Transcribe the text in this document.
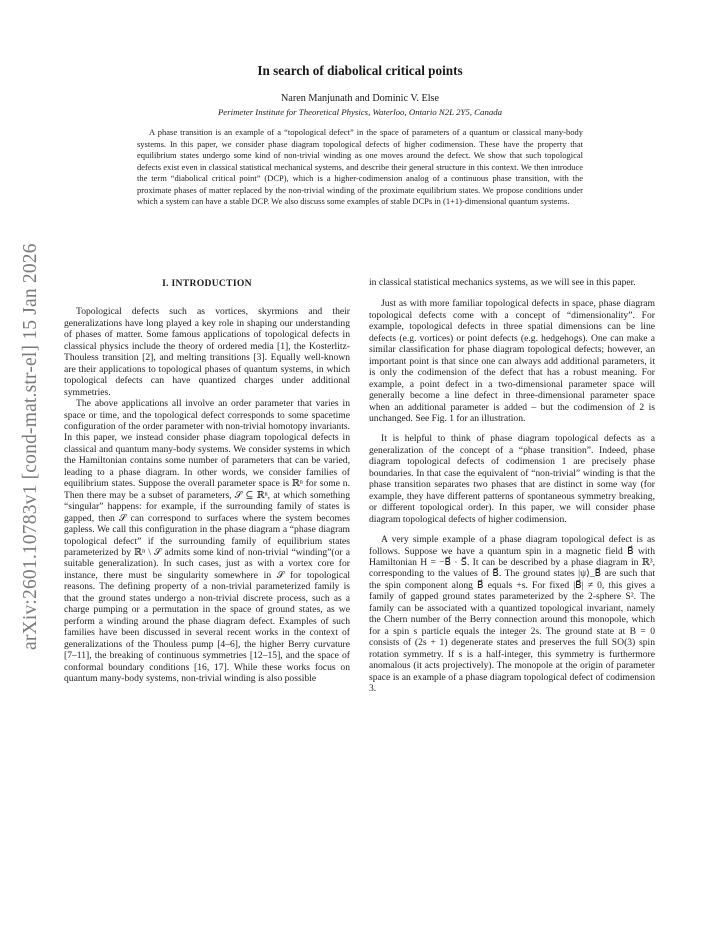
arXiv:2601.10783v1 [cond-mat.str-el] 15 Jan 2026
In search of diabolical critical points
Naren Manjunath and Dominic V. Else
Perimeter Institute for Theoretical Physics, Waterloo, Ontario N2L 2Y5, Canada

A phase transition is an example of a “topological defect” in the space of parameters of a quantum or classical many-body systems. In this paper, we consider phase diagram topological defects of higher codimension. These have the property that equilibrium states undergo some kind of non-trivial winding as one moves around the defect. We show that such topological defects exist even in classical statistical mechanical systems, and describe their general structure in this context. We then introduce the term “diabolical critical point” (DCP), which is a higher-codimension analog of a continuous phase transition, with the proximate phases of matter replaced by the non-trivial winding of the proximate equilibrium states. We propose conditions under which a system can have a stable DCP. We also discuss some examples of stable DCPs in (1+1)-dimensional quantum systems.

I. INTRODUCTION

Topological defects such as vortices, skyrmions and their generalizations have long played a key role in shaping our understanding of phases of matter. Some famous applications of topological defects in classical physics include the theory of ordered media [1], the Kosterlitz-Thouless transition [2], and melting transitions [3]. Equally well-known are their applications to topological phases of quantum systems, in which topological defects can have quantized charges under additional symmetries.

The above applications all involve an order parameter that varies in space or time, and the topological defect corresponds to some spacetime configuration of the order parameter with non-trivial homotopy invariants. In this paper, we instead consider phase diagram topological defects in classical and quantum many-body systems. We consider systems in which the Hamiltonian contains some number of parameters that can be varied, leading to a phase diagram. In other words, we consider families of equilibrium states. Suppose the overall parameter space is ℝⁿ for some n. Then there may be a subset of parameters, 𝒮 ⊆ ℝⁿ, at which something “singular” happens: for example, if the surrounding family of states is gapped, then 𝒮 can correspond to surfaces where the system becomes gapless. We call this configuration in the phase diagram a “phase diagram topological defect” if the surrounding family of equilibrium states parameterized by ℝⁿ \ 𝒮 admits some kind of non-trivial “winding”(or a suitable generalization). In such cases, just as with a vortex core for instance, there must be singularity somewhere in 𝒮 for topological reasons. The defining property of a non-trivial parameterized family is that the ground states undergo a non-trivial discrete process, such as a charge pumping or a permutation in the space of ground states, as we perform a winding around the phase diagram defect. Examples of such families have been discussed in several recent works in the context of generalizations of the Thouless pump [4–6], the higher Berry curvature [7–11], the breaking of continuous symmetries [12–15], and the space of conformal boundary conditions [16, 17]. While these works focus on quantum many-body systems, non-trivial winding is also possible

in classical statistical mechanics systems, as we will see in this paper.

Just as with more familiar topological defects in space, phase diagram topological defects come with a concept of “dimensionality”. For example, topological defects in three spatial dimensions can be line defects (e.g. vortices) or point defects (e.g. hedgehogs). One can make a similar classification for phase diagram topological defects; however, an important point is that since one can always add additional parameters, it is only the codimension of the defect that has a robust meaning. For example, a point defect in a two-dimensional parameter space will generally become a line defect in three-dimensional parameter space when an additional parameter is added – but the codimension of 2 is unchanged. See Fig. 1 for an illustration.

It is helpful to think of phase diagram topological defects as a generalization of the concept of a “phase transition”. Indeed, phase diagram topological defects of codimension 1 are precisely phase boundaries. In that case the equivalent of “non-trivial” winding is that the phase transition separates two phases that are distinct in some way (for example, they have different patterns of spontaneous symmetry breaking, or different topological order). In this paper, we will consider phase diagram topological defects of higher codimension.

A very simple example of a phase diagram topological defect is as follows. Suppose we have a quantum spin in a magnetic field B⃗ with Hamiltonian H = −B⃗ · S⃗. It can be described by a phase diagram in ℝ³, corresponding to the values of B⃗. The ground states |ψ⟩_B⃗ are such that the spin component along B⃗ equals +s. For fixed |B⃗| ≠ 0, this gives a family of gapped ground states parameterized by the 2-sphere S². The family can be associated with a quantized topological invariant, namely the Chern number of the Berry connection around this monopole, which for a spin s particle equals the integer 2s. The ground state at B = 0 consists of (2s + 1) degenerate states and preserves the full SO(3) spin rotation symmetry. If s is a half-integer, this symmetry is furthermore anomalous (it acts projectively). The monopole at the origin of parameter space is an example of a phase diagram topological defect of codimension 3.
